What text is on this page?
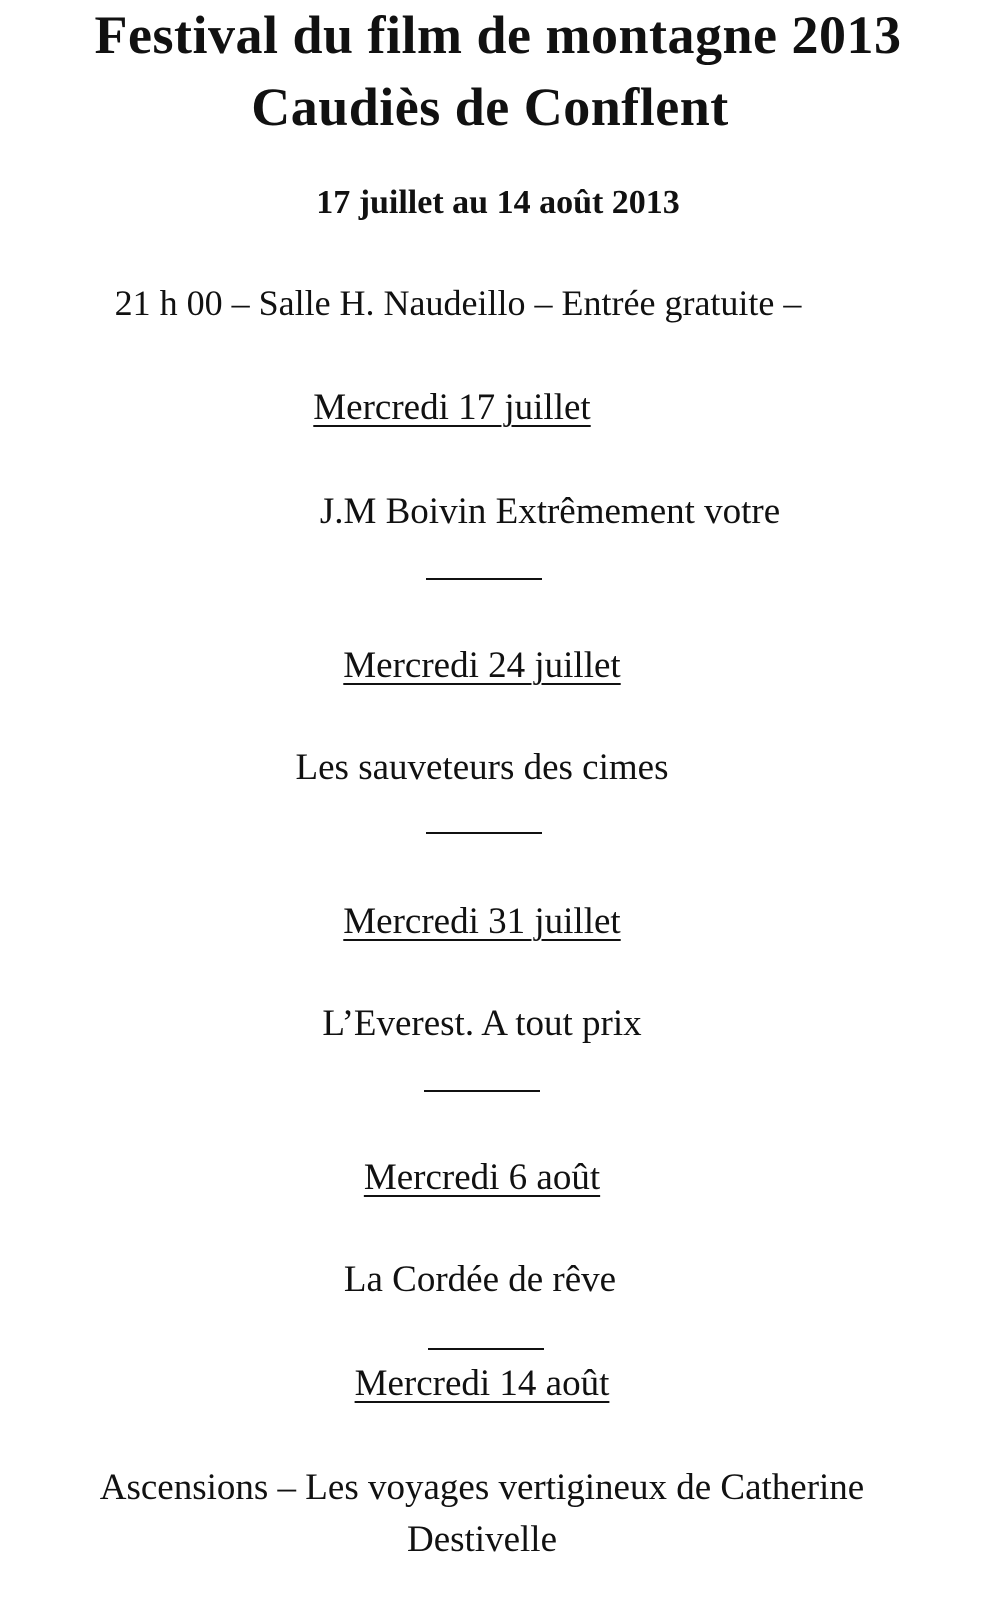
Festival du film de montagne 2013
Caudiès de Conflent
17 juillet au 14 août 2013
21 h 00 – Salle H. Naudeillo – Entrée gratuite –
Mercredi 17 juillet
J.M Boivin Extrêmement votre
Mercredi 24 juillet
Les sauveteurs des cimes
Mercredi 31 juillet
L’Everest. A tout prix
Mercredi 6 août
La Cordée de rêve
Mercredi 14 août
Ascensions – Les voyages vertigineux de Catherine
Destivelle
